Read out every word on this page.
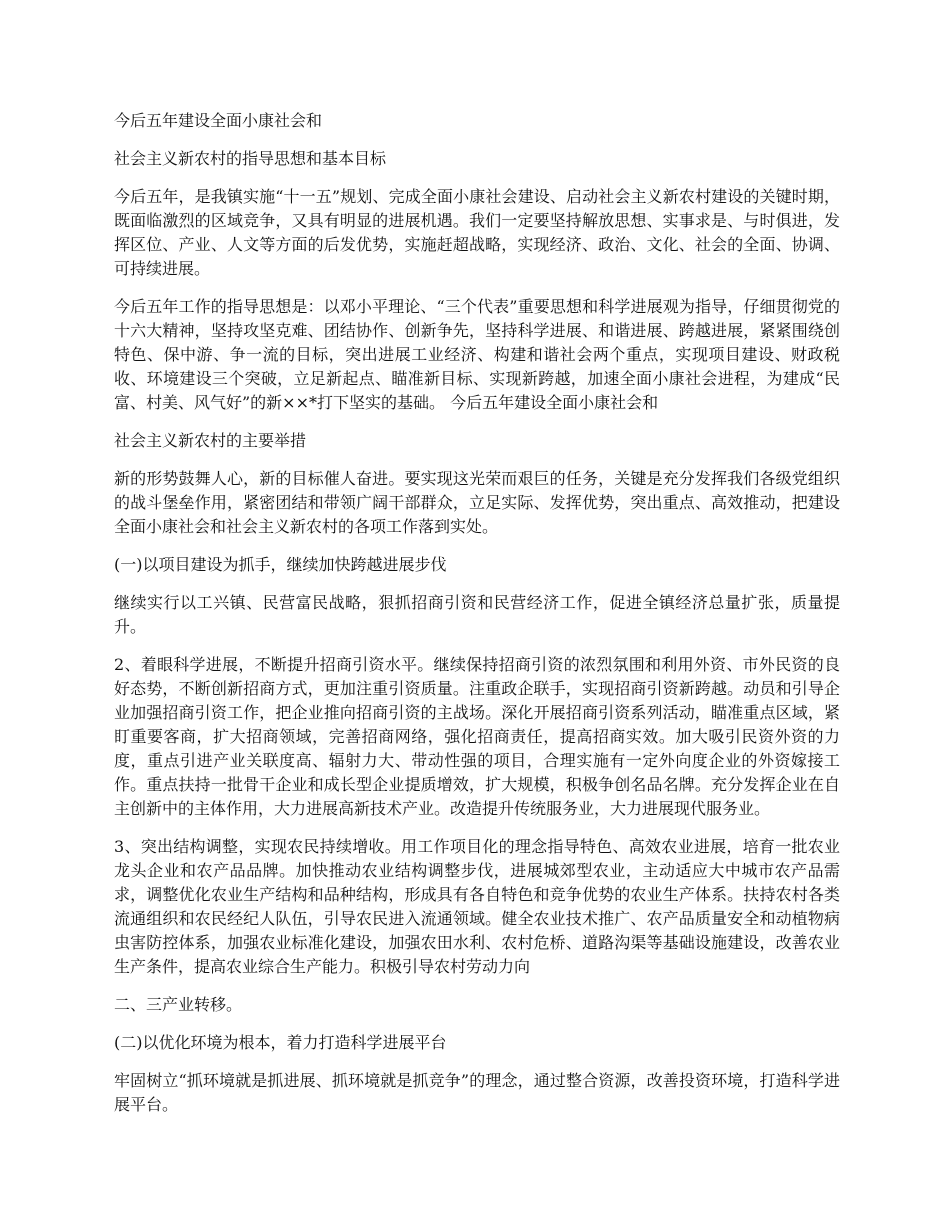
今后五年建设全面小康社会和

社会主义新农村的指导思想和基本目标

今后五年，是我镇实施“十一五”规划、完成全面小康社会建设、启动社会主义新农村建设的关键时期，既面临激烈的区域竞争，又具有明显的进展机遇。我们一定要坚持解放思想、实事求是、与时俱进，发挥区位、产业、人文等方面的后发优势，实施赶超战略，实现经济、政治、文化、社会的全面、协调、可持续进展。

今后五年工作的指导思想是：以邓小平理论、“三个代表”重要思想和科学进展观为指导，仔细贯彻党的十六大精神，坚持攻坚克难、团结协作、创新争先，坚持科学进展、和谐进展、跨越进展，紧紧围绕创特色、保中游、争一流的目标，突出进展工业经济、构建和谐社会两个重点，实现项目建设、财政税收、环境建设三个突破，立足新起点、瞄准新目标、实现新跨越，加速全面小康社会进程，为建成“民富、村美、风气好”的新××*打下坚实的基础。 今后五年建设全面小康社会和

社会主义新农村的主要举措

新的形势鼓舞人心，新的目标催人奋进。要实现这光荣而艰巨的任务，关键是充分发挥我们各级党组织的战斗堡垒作用，紧密团结和带领广阔干部群众，立足实际、发挥优势，突出重点、高效推动，把建设全面小康社会和社会主义新农村的各项工作落到实处。

(一)以项目建设为抓手，继续加快跨越进展步伐

继续实行以工兴镇、民营富民战略，狠抓招商引资和民营经济工作，促进全镇经济总量扩张，质量提升。

2、着眼科学进展，不断提升招商引资水平。继续保持招商引资的浓烈氛围和利用外资、市外民资的良好态势，不断创新招商方式，更加注重引资质量。注重政企联手，实现招商引资新跨越。动员和引导企业加强招商引资工作，把企业推向招商引资的主战场。深化开展招商引资系列活动，瞄准重点区域，紧盯重要客商，扩大招商领域，完善招商网络，强化招商责任，提高招商实效。加大吸引民资外资的力度，重点引进产业关联度高、辐射力大、带动性强的项目，合理实施有一定外向度企业的外资嫁接工作。重点扶持一批骨干企业和成长型企业提质增效，扩大规模，积极争创名品名牌。充分发挥企业在自主创新中的主体作用，大力进展高新技术产业。改造提升传统服务业，大力进展现代服务业。

3、突出结构调整，实现农民持续增收。用工作项目化的理念指导特色、高效农业进展，培育一批农业龙头企业和农产品品牌。加快推动农业结构调整步伐，进展城郊型农业，主动适应大中城市农产品需求，调整优化农业生产结构和品种结构，形成具有各自特色和竞争优势的农业生产体系。扶持农村各类流通组织和农民经纪人队伍，引导农民进入流通领域。健全农业技术推广、农产品质量安全和动植物病虫害防控体系，加强农业标准化建设，加强农田水利、农村危桥、道路沟渠等基础设施建设，改善农业生产条件，提高农业综合生产能力。积极引导农村劳动力向

二、三产业转移。

(二)以优化环境为根本，着力打造科学进展平台

牢固树立“抓环境就是抓进展、抓环境就是抓竞争”的理念，通过整合资源，改善投资环境，打造科学进展平台。
